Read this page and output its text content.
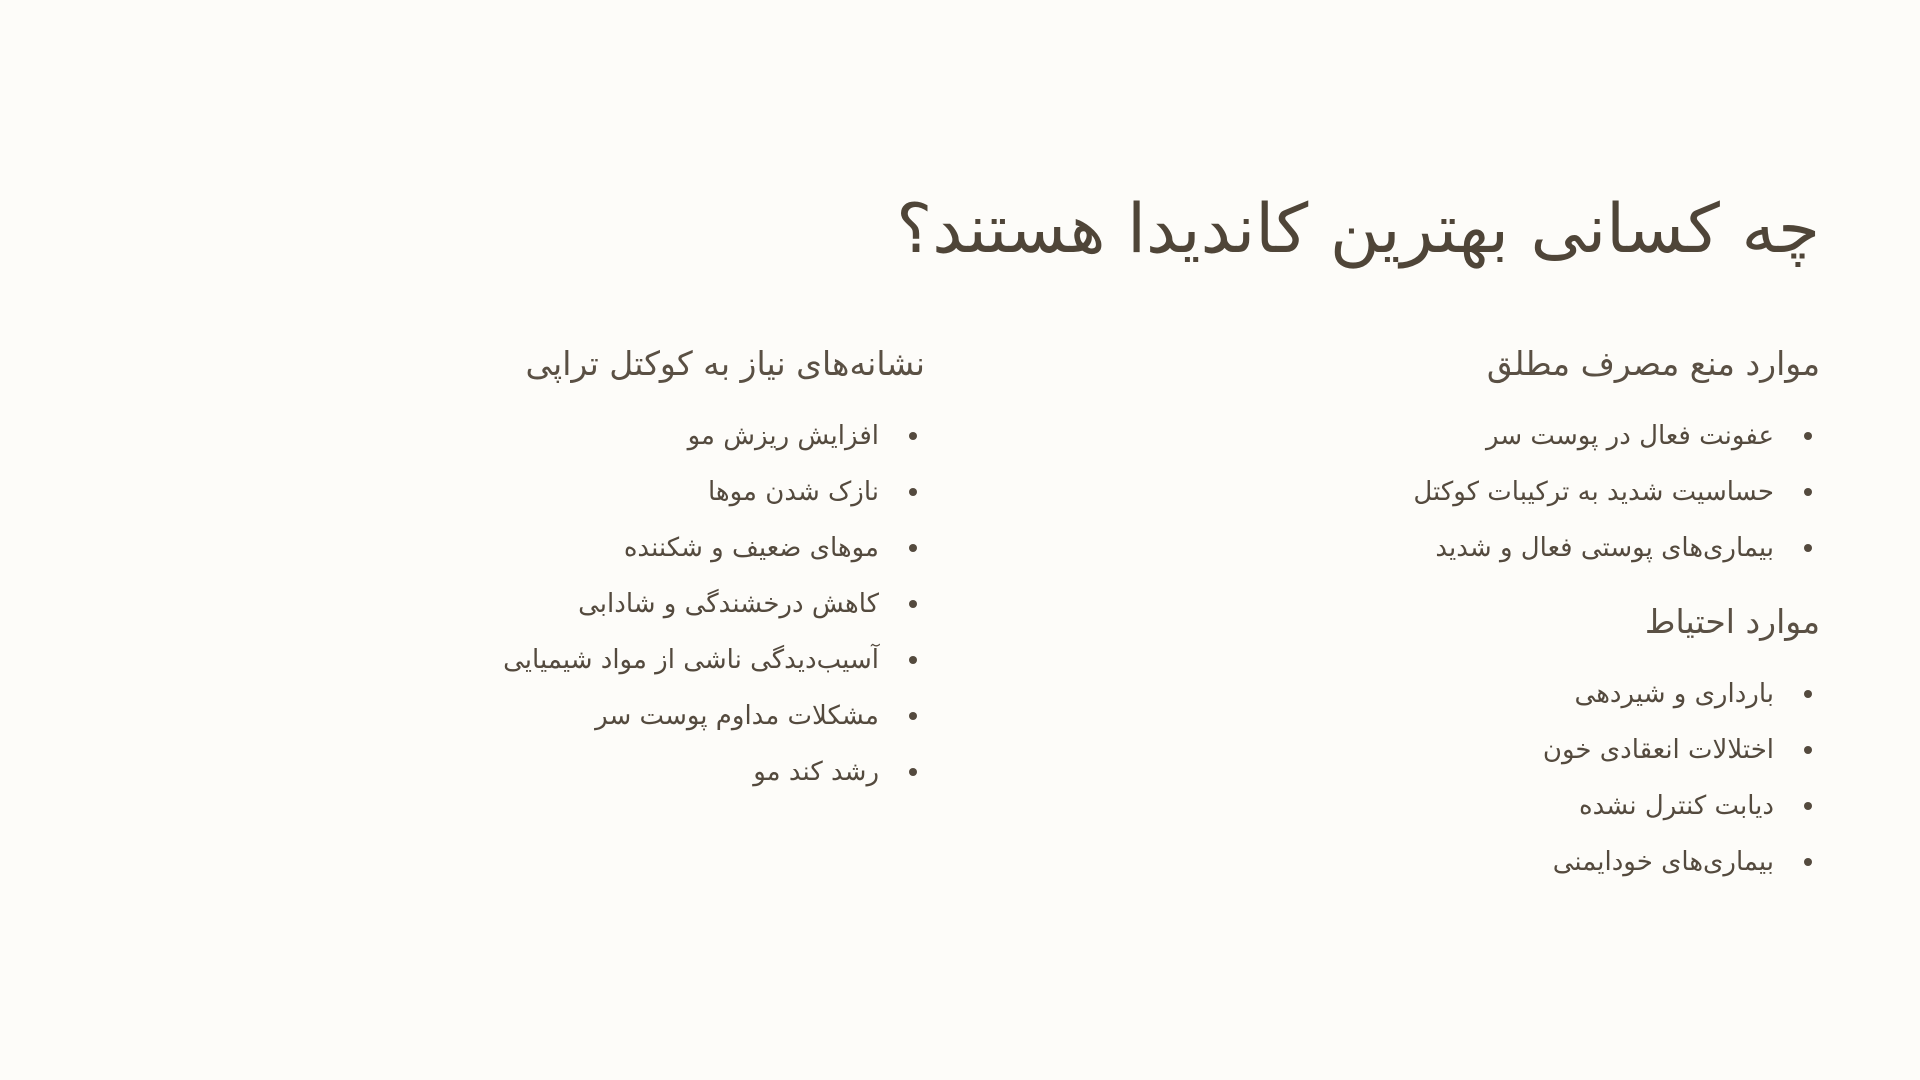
چه کسانی بهترین کاندیدا هستند؟
موارد منع مصرف مطلق
عفونت فعال در پوست سر
حساسیت شدید به ترکیبات کوکتل
بیماری‌های پوستی فعال و شدید
موارد احتیاط
بارداری و شیردهی
اختلالات انعقادی خون
دیابت کنترل نشده
بیماری‌های خودایمنی
نشانه‌های نیاز به کوکتل تراپی
افزایش ریزش مو
نازک شدن موها
موهای ضعیف و شکننده
کاهش درخشندگی و شادابی
آسیب‌دیدگی ناشی از مواد شیمیایی
مشکلات مداوم پوست سر
رشد کند مو
